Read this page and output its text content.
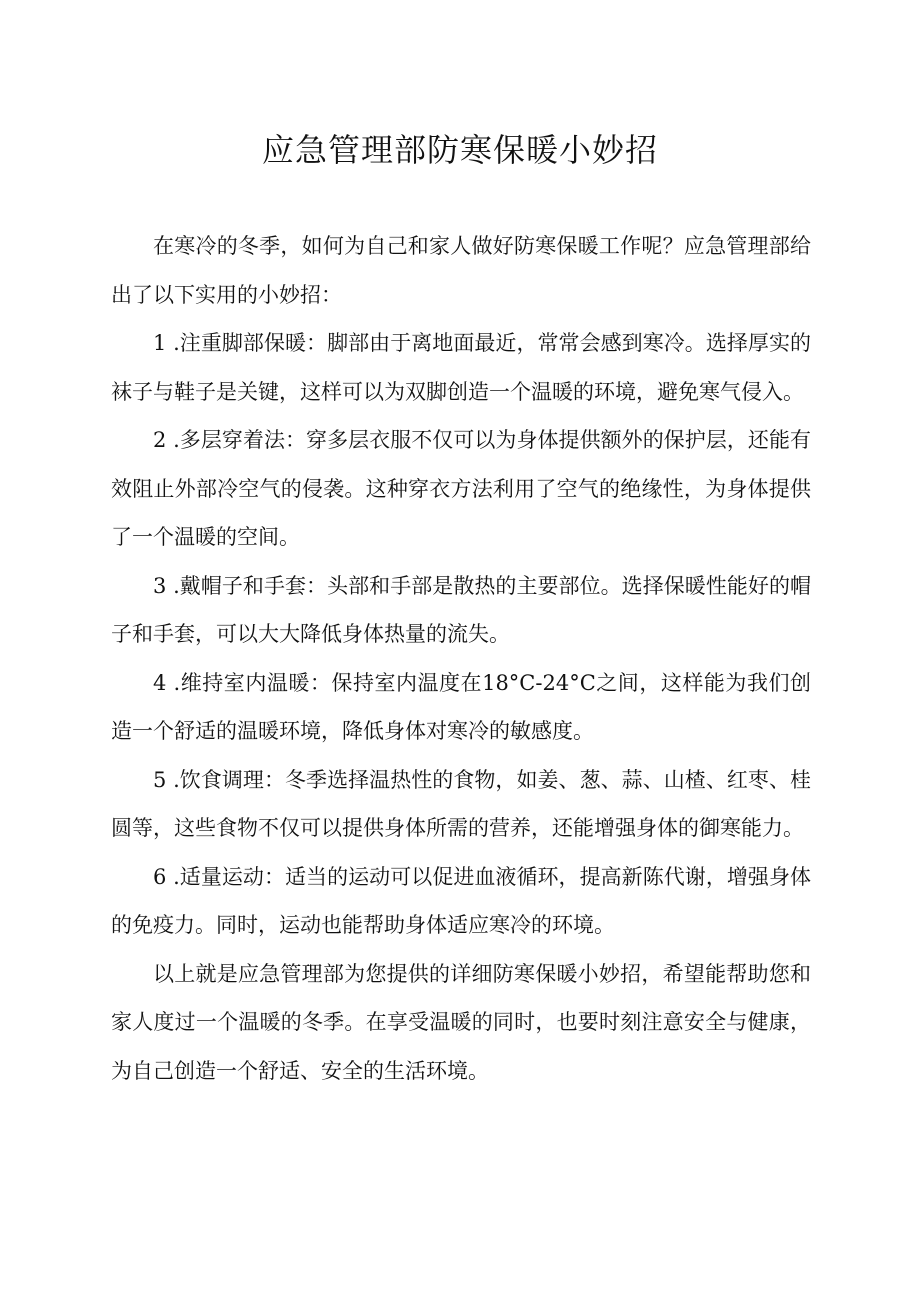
应急管理部防寒保暖小妙招

在寒冷的冬季，如何为自己和家人做好防寒保暖工作呢？应急管理部给出了以下实用的小妙招：

1 .注重脚部保暖：脚部由于离地面最近，常常会感到寒冷。选择厚实的袜子与鞋子是关键，这样可以为双脚创造一个温暖的环境，避免寒气侵入。

2 .多层穿着法：穿多层衣服不仅可以为身体提供额外的保护层，还能有效阻止外部冷空气的侵袭。这种穿衣方法利用了空气的绝缘性，为身体提供了一个温暖的空间。

3 .戴帽子和手套：头部和手部是散热的主要部位。选择保暖性能好的帽子和手套，可以大大降低身体热量的流失。

4 .维持室内温暖：保持室内温度在18°C-24°C之间，这样能为我们创造一个舒适的温暖环境，降低身体对寒冷的敏感度。

5 .饮食调理：冬季选择温热性的食物，如姜、葱、蒜、山楂、红枣、桂圆等，这些食物不仅可以提供身体所需的营养，还能增强身体的御寒能力。

6 .适量运动：适当的运动可以促进血液循环，提高新陈代谢，增强身体的免疫力。同时，运动也能帮助身体适应寒冷的环境。

以上就是应急管理部为您提供的详细防寒保暖小妙招，希望能帮助您和家人度过一个温暖的冬季。在享受温暖的同时，也要时刻注意安全与健康，为自己创造一个舒适、安全的生活环境。
